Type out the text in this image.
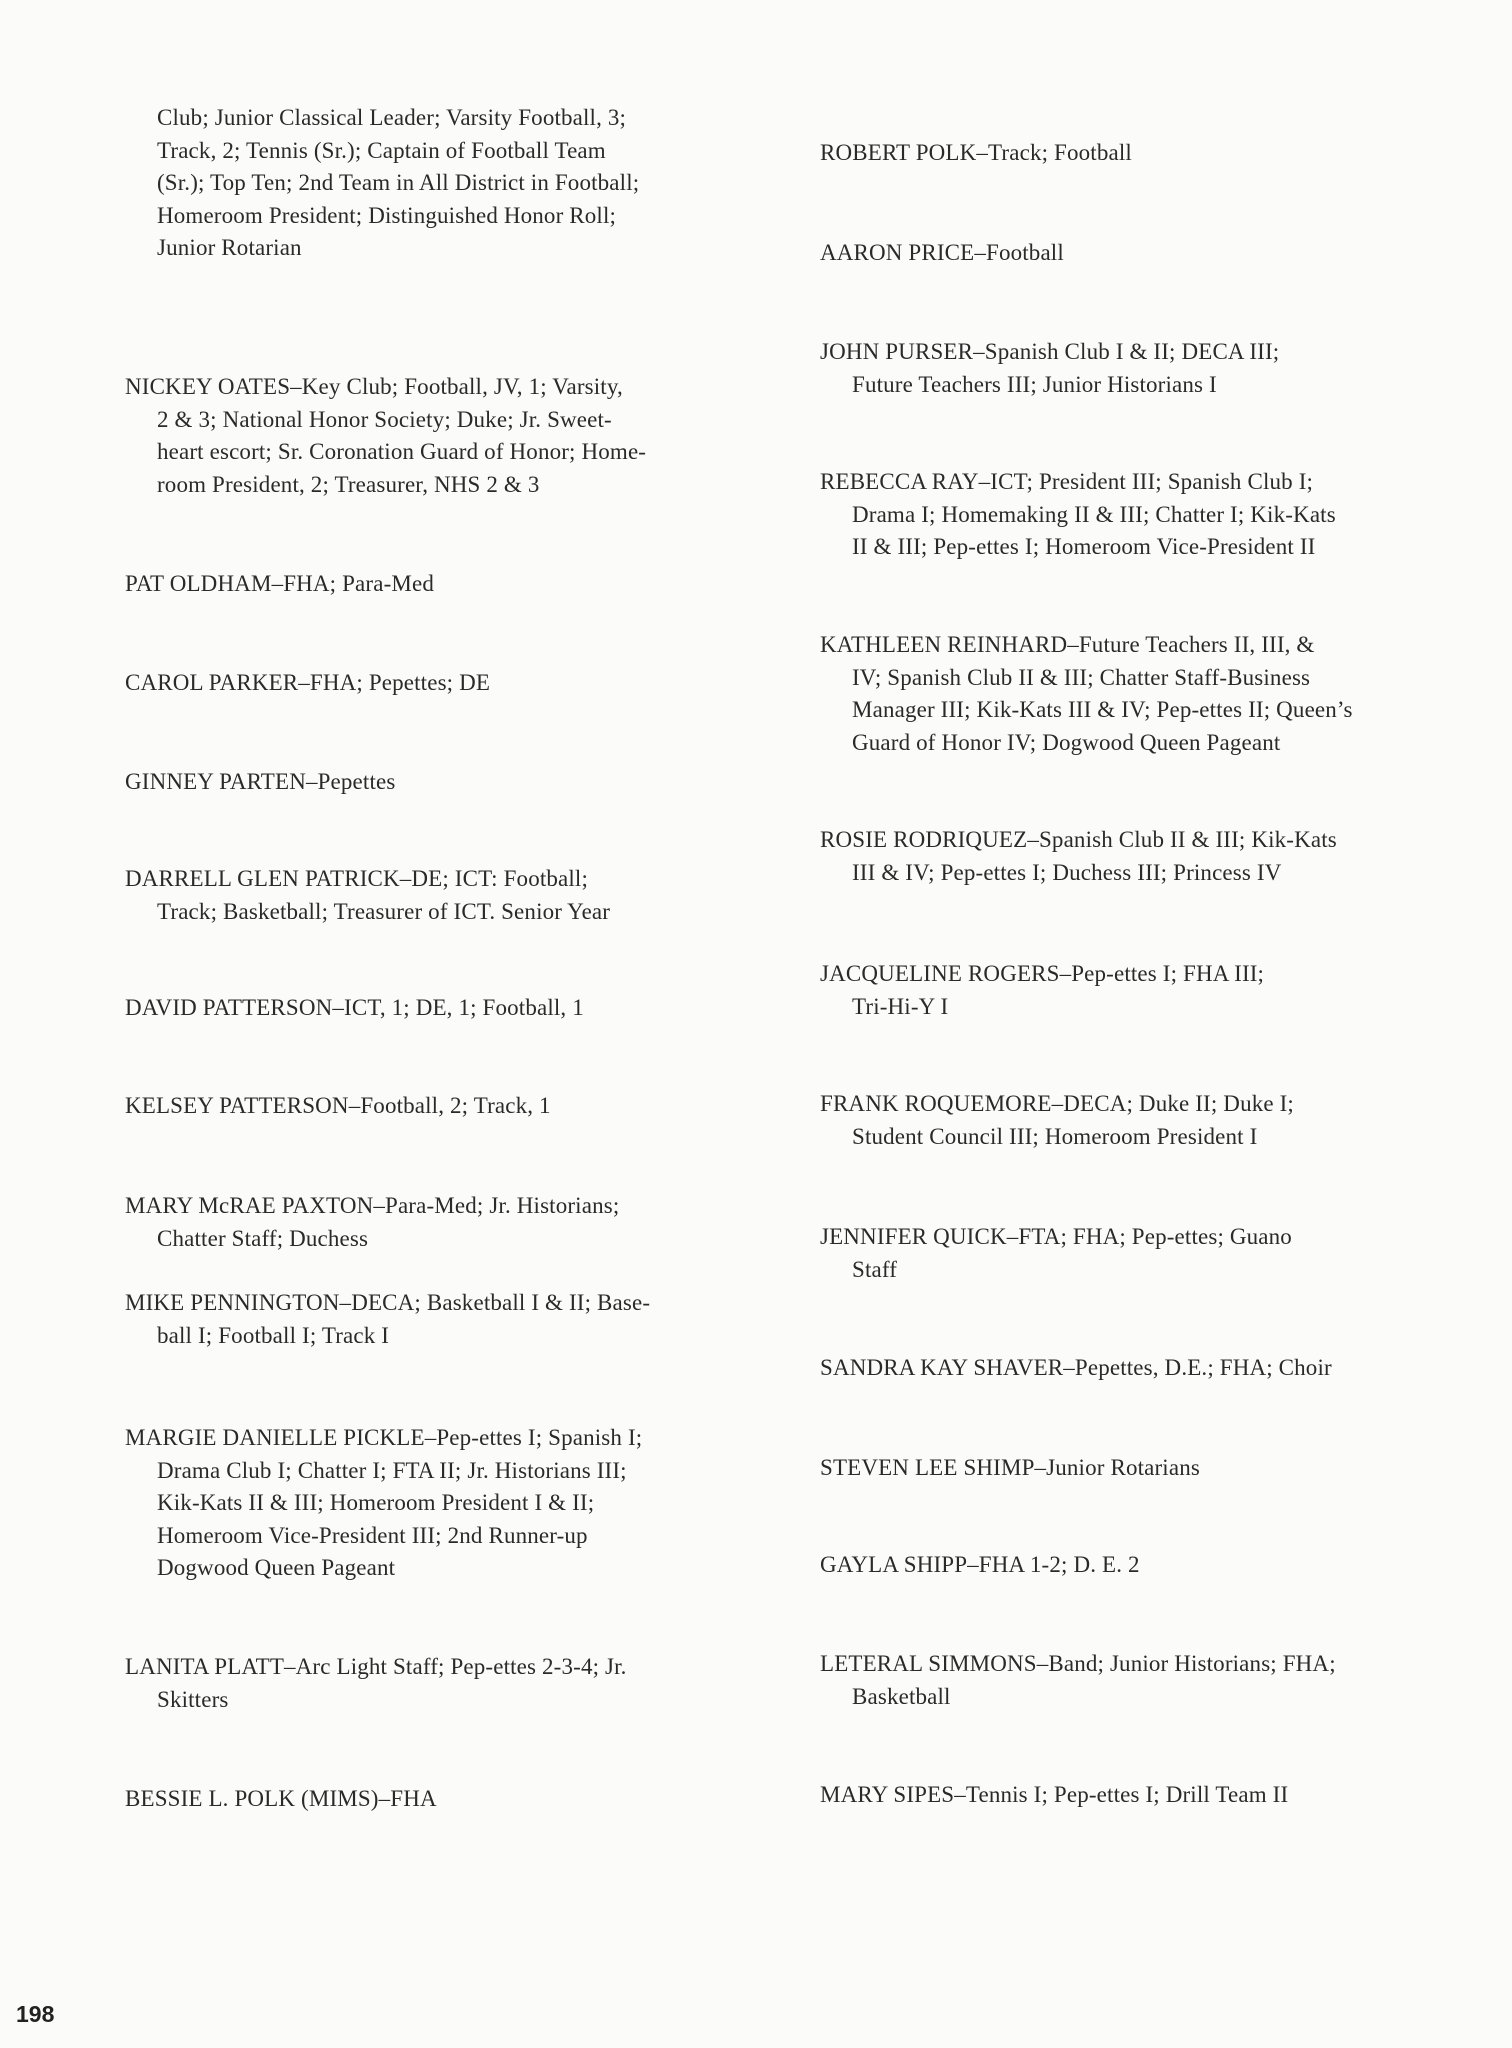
Club; Junior Classical Leader; Varsity Football, 3;
Track, 2; Tennis (Sr.); Captain of Football Team
(Sr.); Top Ten; 2nd Team in All District in Football;
Homeroom President; Distinguished Honor Roll;
Junior Rotarian
NICKEY OATES–Key Club; Football, JV, 1; Varsity,
2 & 3; National Honor Society; Duke; Jr. Sweet-
heart escort; Sr. Coronation Guard of Honor; Home-
room President, 2; Treasurer, NHS 2 & 3
PAT OLDHAM–FHA; Para-Med
CAROL PARKER–FHA; Pepettes; DE
GINNEY PARTEN–Pepettes
DARRELL GLEN PATRICK–DE; ICT: Football;
Track; Basketball; Treasurer of ICT. Senior Year
DAVID PATTERSON–ICT, 1; DE, 1; Football, 1
KELSEY PATTERSON–Football, 2; Track, 1
MARY McRAE PAXTON–Para-Med; Jr. Historians;
Chatter Staff; Duchess
MIKE PENNINGTON–DECA; Basketball I & II; Base-
ball I; Football I; Track I
MARGIE DANIELLE PICKLE–Pep-ettes I; Spanish I;
Drama Club I; Chatter I; FTA II; Jr. Historians III;
Kik-Kats II & III; Homeroom President I & II;
Homeroom Vice-President III; 2nd Runner-up
Dogwood Queen Pageant
LANITA PLATT–Arc Light Staff; Pep-ettes 2-3-4; Jr.
Skitters
BESSIE L. POLK (MIMS)–FHA
ROBERT POLK–Track; Football
AARON PRICE–Football
JOHN PURSER–Spanish Club I & II; DECA III;
Future Teachers III; Junior Historians I
REBECCA RAY–ICT; President III; Spanish Club I;
Drama I; Homemaking II & III; Chatter I; Kik-Kats
II & III; Pep-ettes I; Homeroom Vice-President II
KATHLEEN REINHARD–Future Teachers II, III, &
IV; Spanish Club II & III; Chatter Staff-Business
Manager III; Kik-Kats III & IV; Pep-ettes II; Queen’s
Guard of Honor IV; Dogwood Queen Pageant
ROSIE RODRIQUEZ–Spanish Club II & III; Kik-Kats
III & IV; Pep-ettes I; Duchess III; Princess IV
JACQUELINE ROGERS–Pep-ettes I; FHA III;
Tri-Hi-Y I
FRANK ROQUEMORE–DECA; Duke II; Duke I;
Student Council III; Homeroom President I
JENNIFER QUICK–FTA; FHA; Pep-ettes; Guano
Staff
SANDRA KAY SHAVER–Pepettes, D.E.; FHA; Choir
STEVEN LEE SHIMP–Junior Rotarians
GAYLA SHIPP–FHA 1-2; D. E. 2
LETERAL SIMMONS–Band; Junior Historians; FHA;
Basketball
MARY SIPES–Tennis I; Pep-ettes I; Drill Team II
198
